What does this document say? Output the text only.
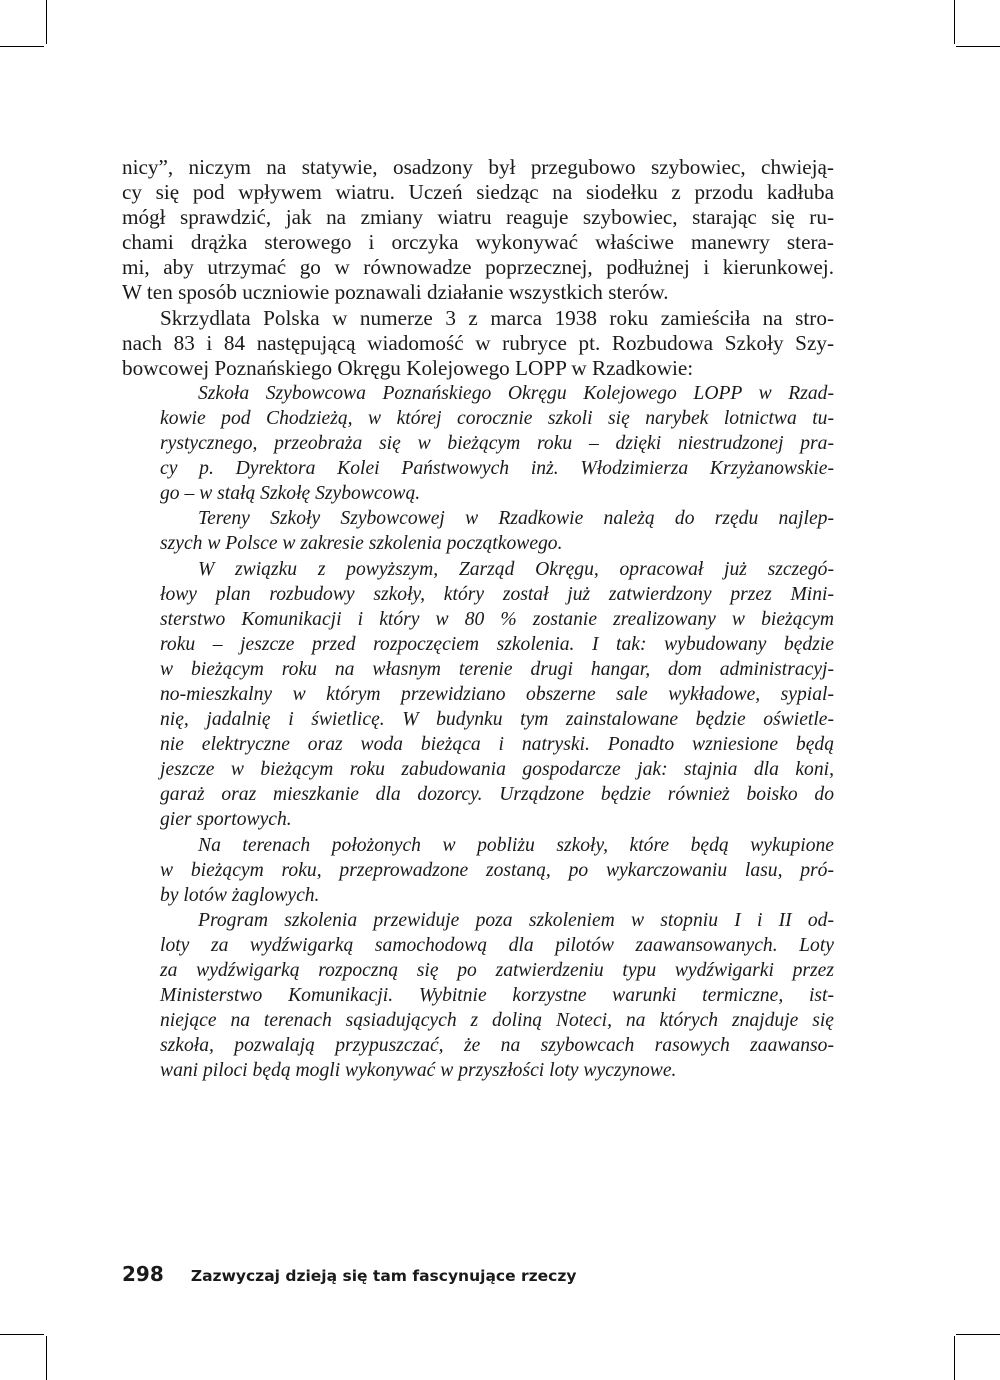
nicy”, niczym na statywie, osadzony był przegubowo szybowiec, chwieją-
cy się pod wpływem wiatru. Uczeń siedząc na siodełku z przodu kadłuba
mógł sprawdzić, jak na zmiany wiatru reaguje szybowiec, starając się ru-
chami drążka sterowego i orczyka wykonywać właściwe manewry stera-
mi, aby utrzymać go w równowadze poprzecznej, podłużnej i kierunkowej.
W ten sposób uczniowie poznawali działanie wszystkich sterów.
Skrzydlata Polska w numerze 3 z marca 1938 roku zamieściła na stro-
nach 83 i 84 następującą wiadomość w rubryce pt. Rozbudowa Szkoły Szy-
bowcowej Poznańskiego Okręgu Kolejowego LOPP w Rzadkowie:
Szkoła Szybowcowa Poznańskiego Okręgu Kolejowego LOPP w Rzad-
kowie pod Chodzieżą, w której corocznie szkoli się narybek lotnictwa tu-
rystycznego, przeobraża się w bieżącym roku – dzięki niestrudzonej pra-
cy p. Dyrektora Kolei Państwowych inż. Włodzimierza Krzyżanowskie-
go – w stałą Szkołę Szybowcową.
Tereny Szkoły Szybowcowej w Rzadkowie należą do rzędu najlep-
szych w Polsce w zakresie szkolenia początkowego.
W związku z powyższym, Zarząd Okręgu, opracował już szczegó-
łowy plan rozbudowy szkoły, który został już zatwierdzony przez Mini-
sterstwo Komunikacji i który w 80 % zostanie zrealizowany w bieżącym
roku – jeszcze przed rozpoczęciem szkolenia. I tak: wybudowany będzie
w bieżącym roku na własnym terenie drugi hangar, dom administracyj-
no-mieszkalny w którym przewidziano obszerne sale wykładowe, sypial-
nię, jadalnię i świetlicę. W budynku tym zainstalowane będzie oświetle-
nie elektryczne oraz woda bieżąca i natryski. Ponadto wzniesione będą
jeszcze w bieżącym roku zabudowania gospodarcze jak: stajnia dla koni,
garaż oraz mieszkanie dla dozorcy. Urządzone będzie również boisko do
gier sportowych.
Na terenach położonych w pobliżu szkoły, które będą wykupione
w bieżącym roku, przeprowadzone zostaną, po wykarczowaniu lasu, pró-
by lotów żaglowych.
Program szkolenia przewiduje poza szkoleniem w stopniu I i II od-
loty za wydźwigarką samochodową dla pilotów zaawansowanych. Loty
za wydźwigarką rozpoczną się po zatwierdzeniu typu wydźwigarki przez
Ministerstwo Komunikacji. Wybitnie korzystne warunki termiczne, ist-
niejące na terenach sąsiadujących z doliną Noteci, na których znajduje się
szkoła, pozwalają przypuszczać, że na szybowcach rasowych zaawanso-
wani piloci będą mogli wykonywać w przyszłości loty wyczynowe.
298 Zazwyczaj dzieją się tam fascynujące rzeczy
